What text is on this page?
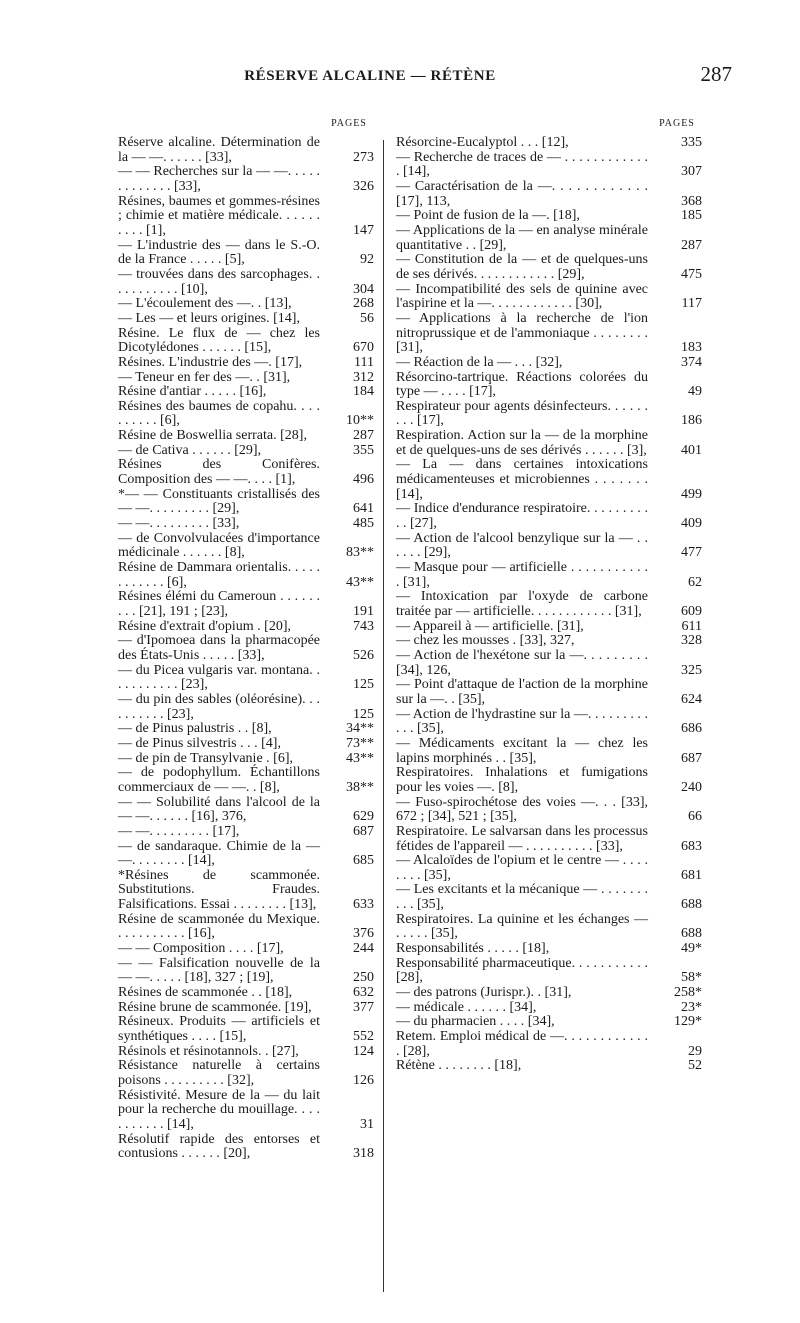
RÉSERVE ALCALINE — RÉTÈNE	287
PAGES
Réserve alcaline. Détermination de la — —. . . . . . [33],	273
— — Recherches sur la — —. . . . . . . . . . . . . [33],	326
Résines, baumes et gommes-résines ; chimie et matière médicale. . . . . . . . . . [1],	147
— L'industrie des — dans le S.-O. de la France . . . . . [5],	92
— trouvées dans des sarcophages. . . . . . . . . . . [10],	304
— L'écoulement des —. . [13],	268
— Les — et leurs origines. [14],	56
Résine. Le flux de — chez les Dicotylédones . . . . . . [15],	670
Résines. L'industrie des —. [17],	111
— Teneur en fer des —. . [31],	312
Résine d'antiar . . . . . [16],	184
Résines des baumes de copahu. . . . . . . . . . [6],	10**
Résine de Boswellia serrata. [28],	287
— de Cativa . . . . . . [29],	355
Résines des Conifères. Composition des — —. . . . [1],	496
*— — Constituants cristallisés des — —. . . . . . . . . [29],	641
— —. . . . . . . . . [33],	485
— de Convolvulacées d'importance médicinale . . . . . . [8],	83**
Résine de Dammara orientalis. . . . . . . . . . . . [6],	43**
Résines élémi du Cameroun . . . . . . . . . [21], 191 ; [23],	191
Résine d'extrait d'opium . [20],	743
— d'Ipomoea dans la pharmacopée des États-Unis . . . . . [33],	526
— du Picea vulgaris var. montana. . . . . . . . . . . [23],	125
— du pin des sables (oléorésine). . . . . . . . . . [23],	125
— de Pinus palustris . . [8],	34**
— de Pinus silvestris . . . [4],	73**
— de pin de Transylvanie . [6],	43**
— de podophyllum. Échantillons commerciaux de — —. . [8],	38**
— — Solubilité dans l'alcool de la — —. . . . . . [16], 376,	629
— —. . . . . . . . . [17],	687
— de sandaraque. Chimie de la — —. . . . . . . . [14],	685
*Résines de scammonée. Substitutions. Fraudes. Falsifications. Essai . . . . . . . . [13],	633
Résine de scammonée du Mexique. . . . . . . . . . . [16],	376
— — Composition . . . . [17],	244
— — Falsification nouvelle de la — —. . . . . [18], 327 ; [19],	250
Résines de scammonée . . [18],	632
Résine brune de scammonée. [19],	377
Résineux. Produits — artificiels et synthétiques . . . . [15],	552
Résinols et résinotannols. . [27],	124
Résistance naturelle à certains poisons . . . . . . . . . [32],	126
Résistivité. Mesure de la — du lait pour la recherche du mouillage. . . . . . . . . . . [14],	31
Résolutif rapide des entorses et contusions . . . . . . [20],	318
PAGES
Résorcine-Eucalyptol . . . [12],	335
— Recherche de traces de — . . . . . . . . . . . . . [14],	307
— Caractérisation de la —. . . . . . . . . . . . [17], 113,	368
— Point de fusion de la —. [18],	185
— Applications de la — en analyse minérale quantitative . . [29],	287
— Constitution de la — et de quelques-uns de ses dérivés. . . . . . . . . . . . [29],	475
— Incompatibilité des sels de quinine avec l'aspirine et la —. . . . . . . . . . . . [30],	117
— Applications à la recherche de l'ion nitroprussique et de l'ammoniaque . . . . . . . . [31],	183
— Réaction de la — . . . [32],	374
Résorcino-tartrique. Réactions colorées du type — . . . . [17],	49
Respirateur pour agents désinfecteurs. . . . . . . . . [17],	186
Respiration. Action sur la — de la morphine et de quelques-uns de ses dérivés . . . . . . [3],	401
— La — dans certaines intoxications médicamenteuses et microbiennes . . . . . . . [14],	499
— Indice d'endurance respiratoire. . . . . . . . . . . [27],	409
— Action de l'alcool benzylique sur la — . . . . . . [29],	477
— Masque pour — artificielle . . . . . . . . . . . . [31],	62
— Intoxication par l'oxyde de carbone traitée par — artificielle. . . . . . . . . . . . [31],	609
— Appareil à — artificielle. [31],	611
— chez les mousses . [33], 327,	328
— Action de l'hexétone sur la —. . . . . . . . . [34], 126,	325
— Point d'attaque de l'action de la morphine sur la —. . [35],	624
— Action de l'hydrastine sur la —. . . . . . . . . . . . [35],	686
— Médicaments excitant la — chez les lapins morphinés . . [35],	687
Respiratoires. Inhalations et fumigations pour les voies —. [8],	240
— Fuso-spirochétose des voies —. . . [33], 672 ; [34], 521 ; [35],	66
Respiratoire. Le salvarsan dans les processus fétides de l'appareil — . . . . . . . . . . [33],	683
— Alcaloïdes de l'opium et le centre — . . . . . . . . [35],	681
— Les excitants et la mécanique — . . . . . . . . . . [35],	688
Respiratoires. La quinine et les échanges — . . . . . [35],	688
Responsabilités . . . . . [18],	49*
Responsabilité pharmaceutique. . . . . . . . . . . [28],	58*
— des patrons (Jurispr.). . [31],	258*
— médicale . . . . . . [34],	23*
— du pharmacien . . . . [34],	129*
Retem. Emploi médical de —. . . . . . . . . . . . . [28],	29
Rétène . . . . . . . . [18],	52
